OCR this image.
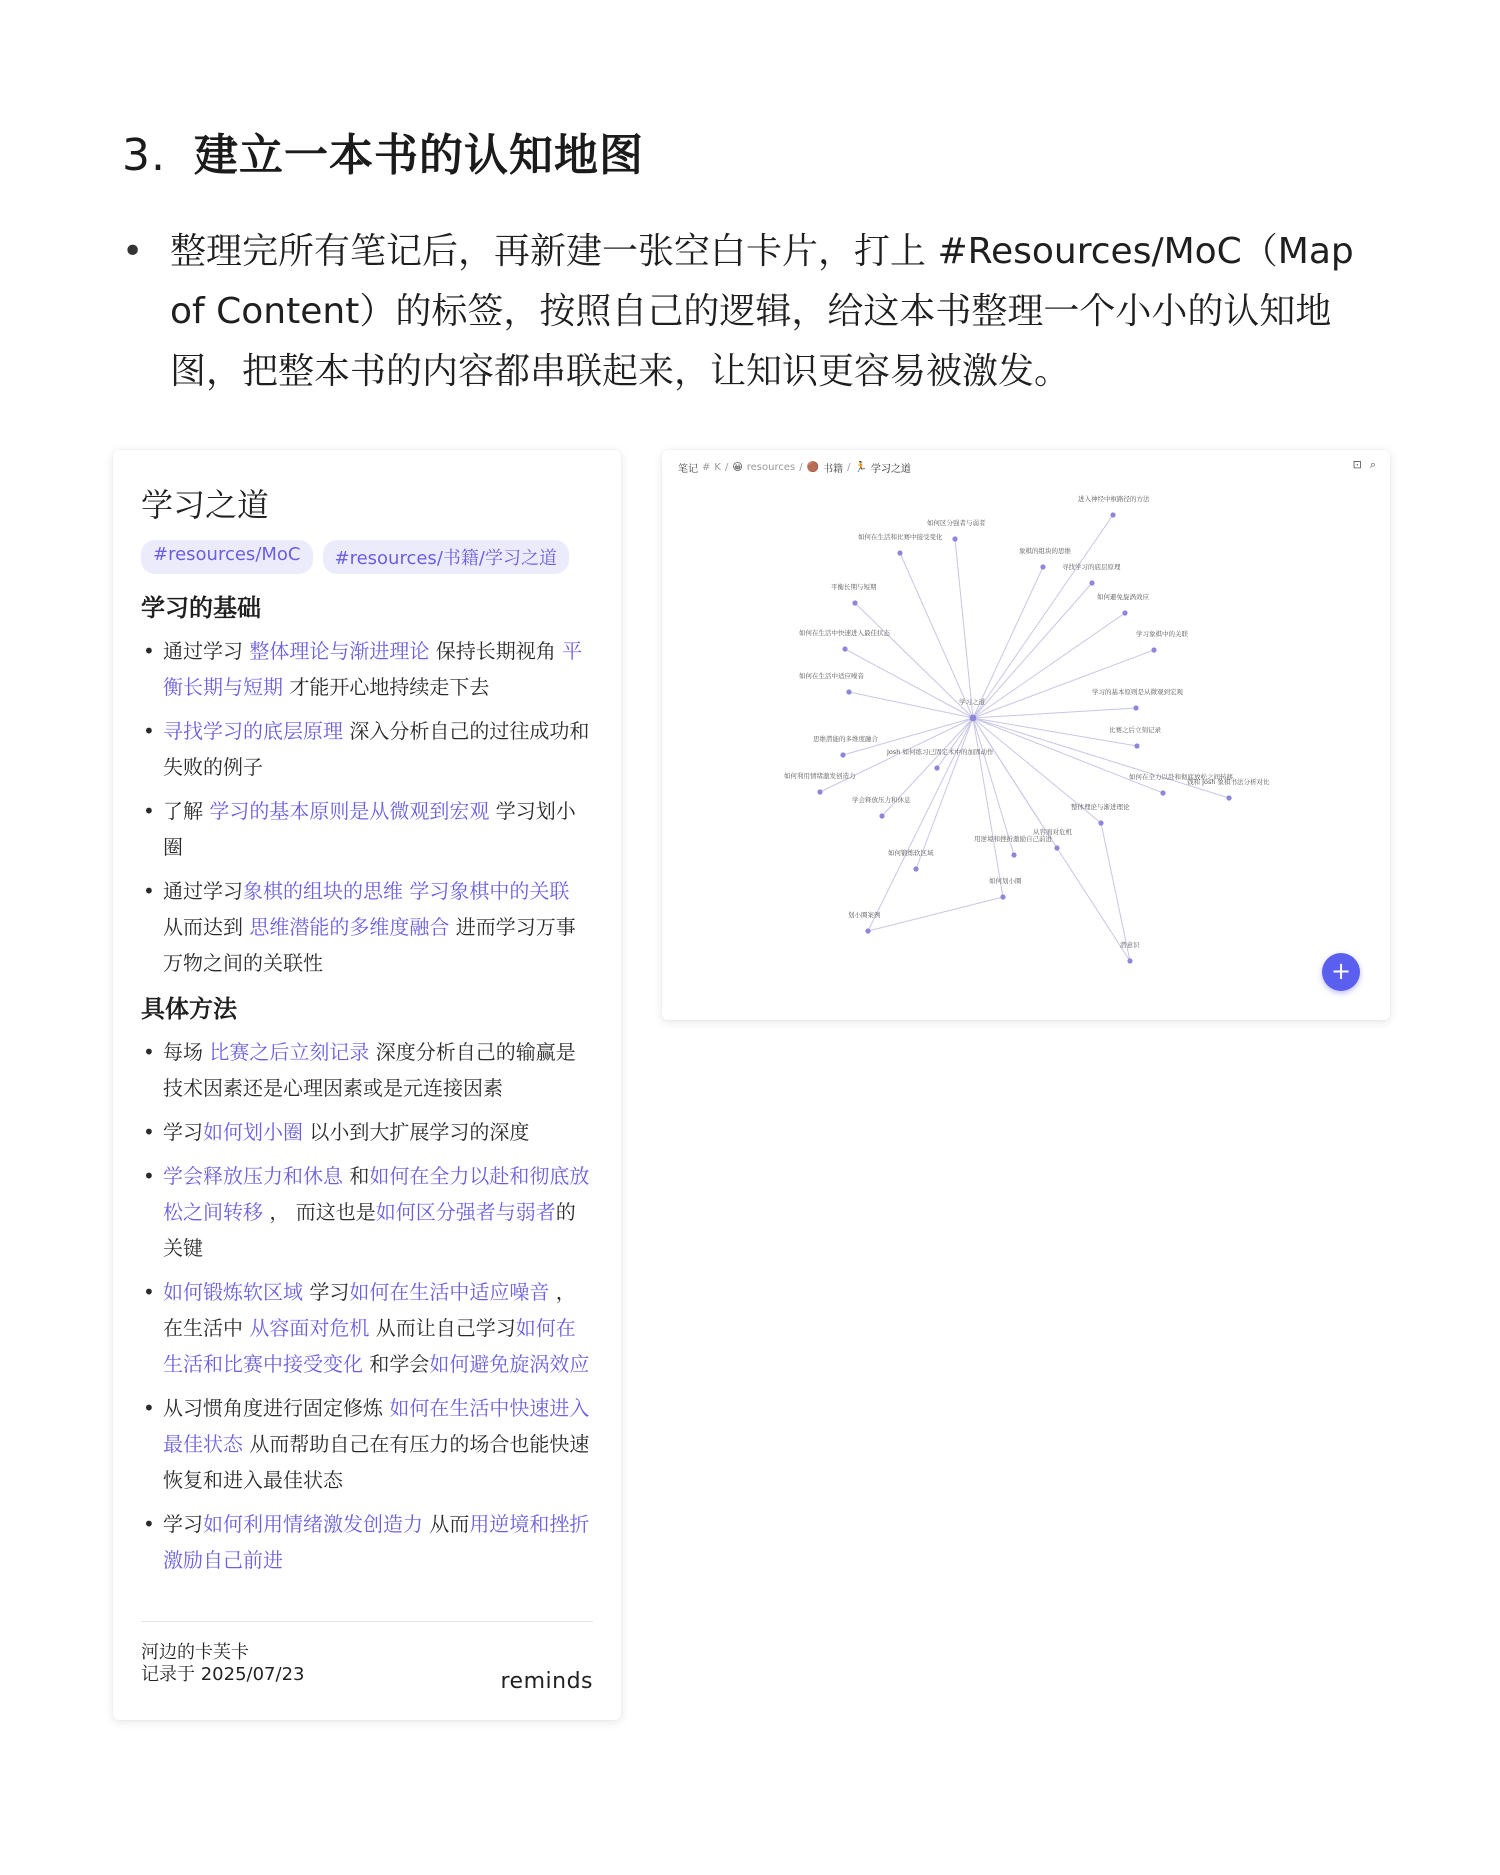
3. 建立一本书的认知地图
• 整理完所有笔记后，再新建一张空白卡片，打上 #Resources/MoC（Map of Content）的标签，按照自己的逻辑，给这本书整理一个小小的认知地图，把整本书的内容都串联起来，让知识更容易被激发。
学习之道
#resources/MoC	#resources/书籍/学习之道
学习的基础
• 通过学习 整体理论与渐进理论 保持长期视角 平衡长期与短期 才能开心地持续走下去
• 寻找学习的底层原理 深入分析自己的过往成功和失败的例子
• 了解 学习的基本原则是从微观到宏观 学习划小圈
• 通过学习象棋的组块的思维 学习象棋中的关联 从而达到 思维潜能的多维度融合 进而学习万事万物之间的关联性
具体方法
• 每场 比赛之后立刻记录 深度分析自己的输赢是技术因素还是心理因素或是元连接因素
• 学习如何划小圈 以小到大扩展学习的深度
• 学会释放压力和休息 和如何在全力以赴和彻底放松之间转移 ， 而这也是如何区分强者与弱者的关键
• 如何锻炼软区域 学习如何在生活中适应噪音 ，在生活中 从容面对危机 从而让自己学习如何在生活和比赛中接受变化 和学会如何避免旋涡效应
• 从习惯角度进行固定修炼 如何在生活中快速进入最佳状态 从而帮助自己在有压力的场合也能快速恢复和进入最佳状态
• 学习如何利用情绪激发创造力 从而用逆境和挫折激励自己前进
河边的卡芙卡
记录于 2025/07/23	reminds
进入神经中枢路径的方法
如何区分强者与弱者
如何在生活和比赛中接受变化
象棋的组块的思维
寻找学习的底层原理
平衡长期与短期
如何避免旋涡效应
如何在生活中快速进入最佳状态	学习象棋中的关联
如何在生活中适应噪音
学习的基本原则是从微观到宏观
比赛之后立刻记录
思维潜能的多维度融合
Josh 如何练习已固定术中的加固动作
如何利用情绪激发创造力	如何在全力以赴和彻底放松之间转移
钱和 Josh 象棋书法分析对比
学会释放压力和休息
整体理论与渐进理论
从容面对危机
用逆境和挫折激励自己前进
如何锻炼软区域
如何划小圈
划小圈案例
潜意识
学习之道
笔记 # K / 😀 resources / 🟤 书籍 / 🏃 学习之道	⊡ ⌕
+
